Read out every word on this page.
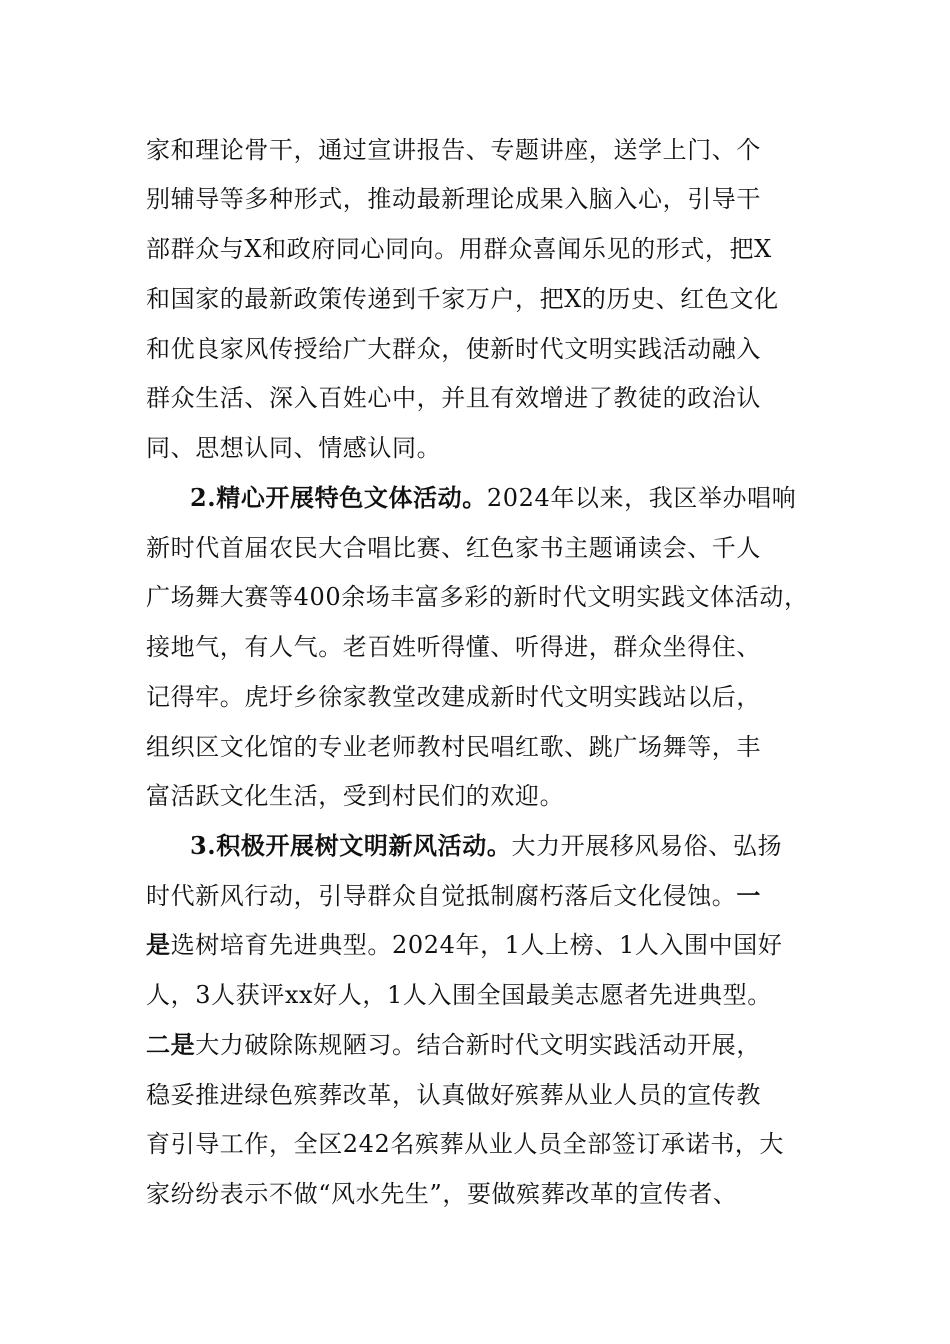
家和理论骨干，通过宣讲报告、专题讲座，送学上门、个
别辅导等多种形式，推动最新理论成果入脑入心，引导干
部群众与X和政府同心同向。用群众喜闻乐见的形式，把X
和国家的最新政策传递到千家万户，把X的历史、红色文化
和优良家风传授给广大群众，使新时代文明实践活动融入
群众生活、深入百姓心中，并且有效增进了教徒的政治认
同、思想认同、情感认同。
2.精心开展特色文体活动。2024年以来，我区举办唱响
新时代首届农民大合唱比赛、红色家书主题诵读会、千人
广场舞大赛等400余场丰富多彩的新时代文明实践文体活动，
接地气，有人气。老百姓听得懂、听得进，群众坐得住、
记得牢。虎圩乡徐家教堂改建成新时代文明实践站以后，
组织区文化馆的专业老师教村民唱红歌、跳广场舞等，丰
富活跃文化生活，受到村民们的欢迎。
3.积极开展树文明新风活动。大力开展移风易俗、弘扬
时代新风行动，引导群众自觉抵制腐朽落后文化侵蚀。一
是选树培育先进典型。2024年，1人上榜、1人入围中国好
人，3人获评xx好人，1人入围全国最美志愿者先进典型。
二是大力破除陈规陋习。结合新时代文明实践活动开展，
稳妥推进绿色殡葬改革，认真做好殡葬从业人员的宣传教
育引导工作，全区242名殡葬从业人员全部签订承诺书，大
家纷纷表示不做“风水先生”，要做殡葬改革的宣传者、
